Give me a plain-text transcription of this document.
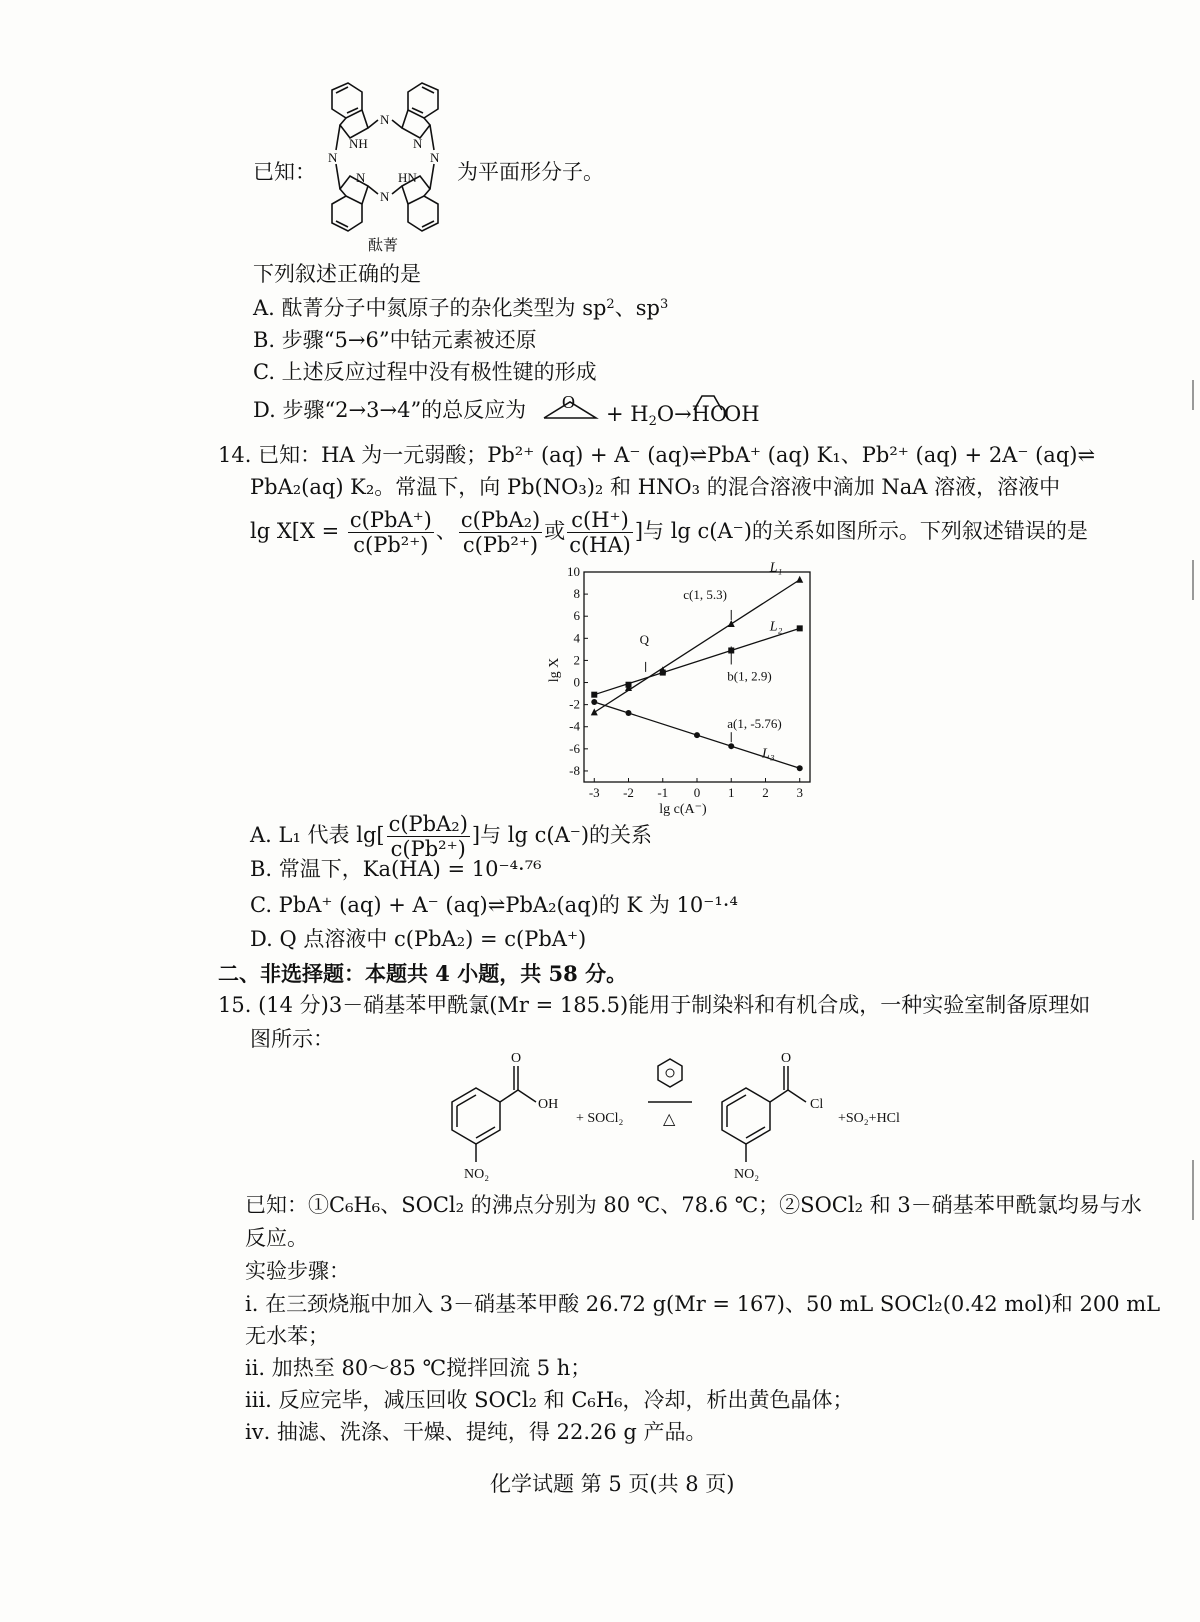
已知：
N
NH
N	N
N	HN
N
N
酞菁
为平面形分子。
下列叙述正确的是
A. 酞菁分子中氮原子的杂化类型为 $sp^2$、$sp^3$
B. 步骤“5→6”中钴元素被还原
C. 上述反应过程中没有极性键的形成
D. 步骤“2→3→4”的总反应为 $O + H_2O\to HO$
OH
14. 已知：HA 为一元弱酸；Pb²⁺ (aq) + A⁻ (aq)⇌PbA⁺ (aq) K₁、Pb²⁺ (aq) + 2A⁻ (aq)⇌
PbA₂(aq) K₂。常温下，向 Pb(NO₃)₂ 和 HNO₃ 的混合溶液中滴加 NaA 溶液，溶液中
$\lg X[X = \frac{\text{c(PbA⁺)}}{\text{c(Pb²⁺)}}$ 、 $\frac{\text{c(PbA₂)}}{\text{c(Pb²⁺)}}$ 或 $\frac{c(H^+)}{c(HA)}$ ]与 lg c(A⁻)的关系如图所示。下列叙述错误的是
-3 -2 -1 0 1 2 3
-8
-6
-4
-2
0
2
4
6
8
10	L₁
L₂
L₃
c(1, 5.3)
b(1, 2.9)
a(1, -5.76)
Q
lg c(A⁻)
lg X
A. L₁ 代表 $\lg[ \frac{\text{c(PbA₂)}}{\text{c(Pb²⁺)}}$ ]与 lg c(A⁻)的关系
B. 常温下，Ka(HA) = 10⁻⁴·⁷⁶
C. PbA⁺ (aq) + A⁻ (aq)⇌PbA₂(aq)的 K 为 10⁻¹·⁴
D. Q 点溶液中 c(PbA₂) = c(PbA⁺)
二、非选择题：本题共 4 小题，共 58 分。
15. (14 分)3－硝基苯甲酰氯(Mr = 185.5)能用于制染料和有机合成，一种实验室制备原理如
图所示：
O
OH
+ SOCl₂
NO₂
△
O
Cl
NO₂
+SO₂+HCl
已知：①C₆H₆、SOCl₂ 的沸点分别为 80 ℃、78.6 ℃；②SOCl₂ 和 3－硝基苯甲酰氯均易与水
反应。
实验步骤：
ⅰ. 在三颈烧瓶中加入 3－硝基苯甲酸 26.72 g(Mr = 167)、50 mL SOCl₂(0.42 mol)和 200 mL
无水苯；
ⅱ. 加热至 80～85 ℃搅拌回流 5 h；
ⅲ. 反应完毕，减压回收 SOCl₂ 和 C₆H₆，冷却，析出黄色晶体；
ⅳ. 抽滤、洗涤、干燥、提纯，得 22.26 g 产品。
化学试题 第 5 页(共 8 页)
